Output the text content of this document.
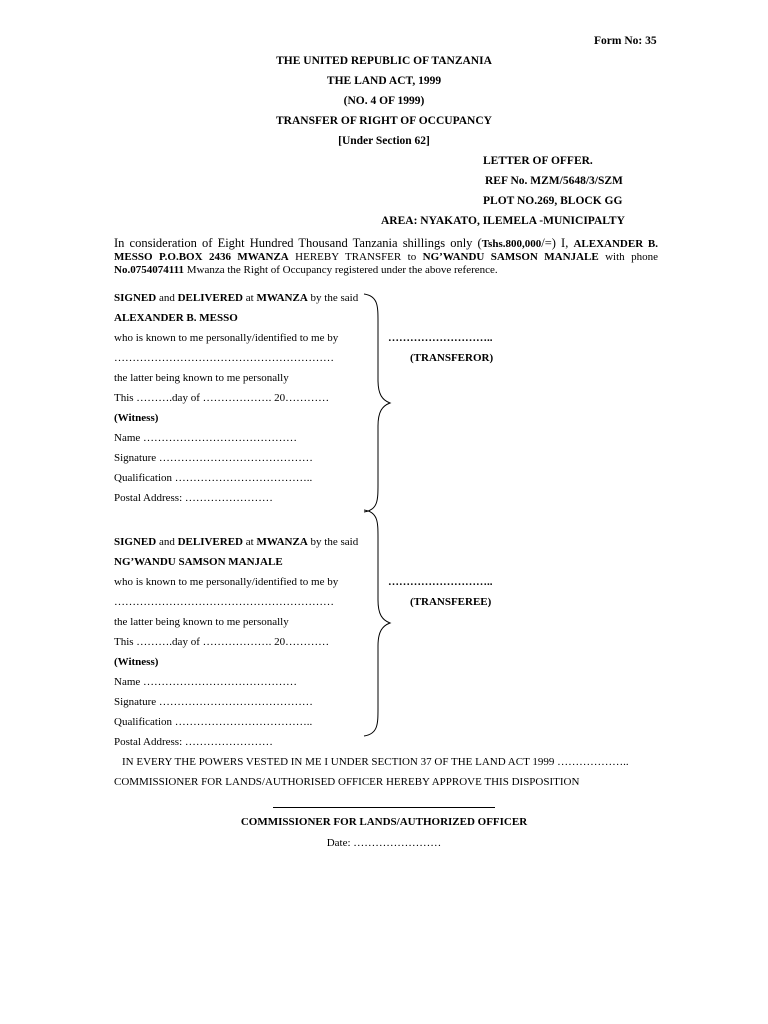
Form No: 35
THE UNITED REPUBLIC OF TANZANIA
THE LAND ACT, 1999
(NO. 4 OF 1999)
TRANSFER OF RIGHT OF OCCUPANCY
[Under Section 62]
LETTER OF OFFER.
REF No. MZM/5648/3/SZM
PLOT NO.269, BLOCK GG
AREA: NYAKATO, ILEMELA -MUNICIPALTY
In consideration of Eight Hundred Thousand Tanzania shillings only (Tshs.800,000/=) I, ALEXANDER B. MESSO P.O.BOX 2436 MWANZA HEREBY TRANSFER to NG’WANDU SAMSON MANJALE with phone No.0754074111 Mwanza the Right of Occupancy registered under the above reference.
SIGNED and DELIVERED at MWANZA by the said
ALEXANDER B. MESSO
who is known to me personally/identified to me by
……………………………………………………
the latter being known to me personally
This ……….day of ………………. 20…………
(Witness)
Name ……………………………………
Signature ……………………………………
Qualification ………………………………..
Postal Address: ……………………
………………………..
(TRANSFEROR)
SIGNED and DELIVERED at MWANZA by the said
NG’WANDU SAMSON MANJALE
who is known to me personally/identified to me by
……………………………………………………
the latter being known to me personally
This ……….day of ………………. 20…………
(Witness)
Name ……………………………………
Signature ……………………………………
Qualification ………………………………..
Postal Address: ……………………
………………………..
(TRANSFEREE)
IN EVERY THE POWERS VESTED IN ME I UNDER SECTION 37 OF THE LAND ACT 1999 ………………..
COMMISSIONER FOR LANDS/AUTHORISED OFFICER HEREBY APPROVE THIS DISPOSITION
COMMISSIONER FOR LANDS/AUTHORIZED OFFICER
Date: ……………………
